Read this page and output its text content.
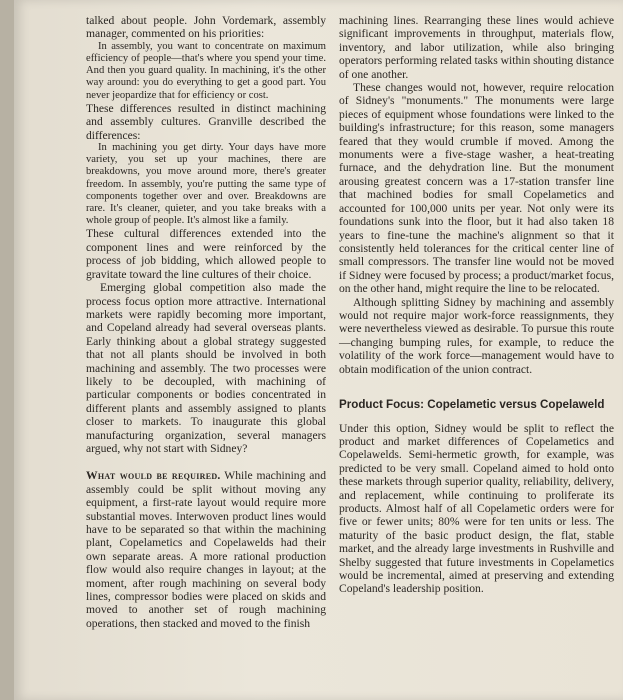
talked about people. John Vordemark, assembly manager, commented on his priorities:

In assembly, you want to concentrate on maximum efficiency of people—that's where you spend your time. And then you guard quality. In machining, it's the other way around: you do everything to get a good part. You never jeopardize that for efficiency or cost.

These differences resulted in distinct machining and assembly cultures. Granville described the differences:

In machining you get dirty. Your days have more variety, you set up your machines, there are breakdowns, you move around more, there's greater freedom. In assembly, you're putting the same type of components together over and over. Breakdowns are rare. It's cleaner, quieter, and you take breaks with a whole group of people. It's almost like a family.

These cultural differences extended into the component lines and were reinforced by the process of job bidding, which allowed people to gravitate toward the line cultures of their choice.

Emerging global competition also made the process focus option more attractive. International markets were rapidly becoming more important, and Copeland already had several overseas plants. Early thinking about a global strategy suggested that not all plants should be involved in both machining and assembly. The two processes were likely to be decoupled, with machining of particular components or bodies concentrated in different plants and assembly assigned to plants closer to markets. To inaugurate this global manufacturing organization, several managers argued, why not start with Sidney?

What would be required. While machining and assembly could be split without moving any equipment, a first-rate layout would require more substantial moves. Interwoven product lines would have to be separated so that within the machining plant, Copelametics and Copelawelds had their own separate areas. A more rational production flow would also require changes in layout; at the moment, after rough machining on several body lines, compressor bodies were placed on skids and moved to another set of rough machining operations, then stacked and moved to the finish

machining lines. Rearranging these lines would achieve significant improvements in throughput, materials flow, inventory, and labor utilization, while also bringing operators performing related tasks within shouting distance of one another.

These changes would not, however, require relocation of Sidney's "monuments." The monuments were large pieces of equipment whose foundations were linked to the building's infrastructure; for this reason, some managers feared that they would crumble if moved. Among the monuments were a five-stage washer, a heat-treating furnace, and the dehydration line. But the monument arousing greatest concern was a 17-station transfer line that machined bodies for small Copelametics and accounted for 100,000 units per year. Not only were its foundations sunk into the floor, but it had also taken 18 years to fine-tune the machine's alignment so that it consistently held tolerances for the critical center line of small compressors. The transfer line would not be moved if Sidney were focused by process; a product/market focus, on the other hand, might require the line to be relocated.

Although splitting Sidney by machining and assembly would not require major work-force reassignments, they were nevertheless viewed as desirable. To pursue this route—changing bumping rules, for example, to reduce the volatility of the work force—management would have to obtain modification of the union contract.

Product Focus: Copelametic versus Copelaweld

Under this option, Sidney would be split to reflect the product and market differences of Copelametics and Copelawelds. Semi-hermetic growth, for example, was predicted to be very small. Copeland aimed to hold onto these markets through superior quality, reliability, delivery, and replacement, while continuing to proliferate its products. Almost half of all Copelametic orders were for five or fewer units; 80% were for ten units or less. The maturity of the basic product design, the flat, stable market, and the already large investments in Rushville and Shelby suggested that future investments in Copelametics would be incremental, aimed at preserving and extending Copeland's leadership position.
